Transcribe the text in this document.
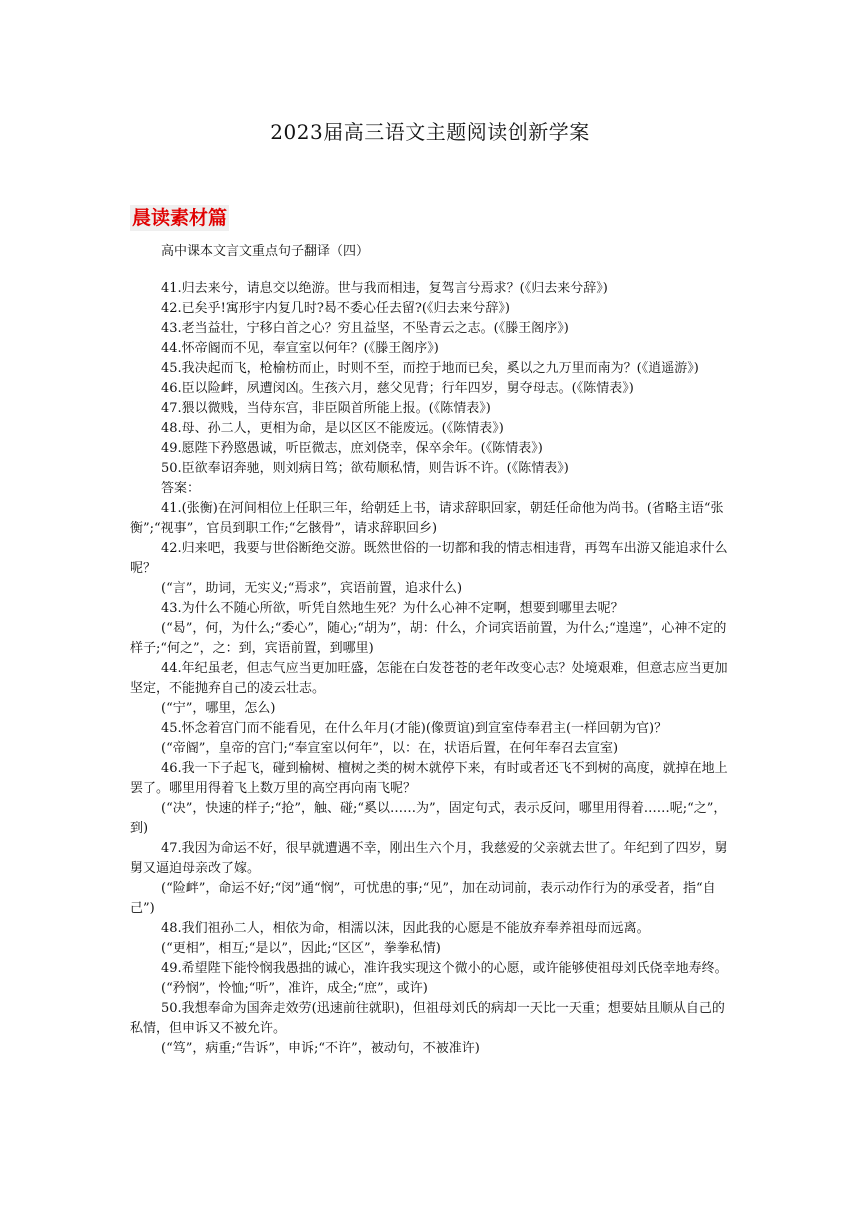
2023届高三语文主题阅读创新学案
晨读素材篇
高中课本文言文重点句子翻译（四）

41.归去来兮，请息交以绝游。世与我而相违，复驾言兮焉求？(《归去来兮辞》)

42.已矣乎!寓形宇内复几时?曷不委心任去留?(《归去来兮辞》)

43.老当益壮，宁移白首之心？穷且益坚，不坠青云之志。(《滕王阁序》)

44.怀帝阍而不见，奉宣室以何年？(《滕王阁序》)

45.我决起而飞，枪榆枋而止，时则不至，而控于地而已矣，奚以之九万里而南为？(《逍遥游》)

46.臣以险衅，夙遭闵凶。生孩六月，慈父见背；行年四岁，舅夺母志。(《陈情表》)

47.猥以微贱，当侍东宫，非臣陨首所能上报。(《陈情表》)

48.母、孙二人，更相为命，是以区区不能废远。(《陈情表》)

49.愿陛下矜愍愚诚，听臣微志，庶刘侥幸，保卒余年。(《陈情表》)

50.臣欲奉诏奔驰，则刘病日笃；欲苟顺私情，则告诉不许。(《陈情表》)

答案：

41.(张衡)在河间相位上任职三年，给朝廷上书，请求辞职回家，朝廷任命他为尚书。(省略主语“张衡”;“视事”，官员到职工作;“乞骸骨”，请求辞职回乡)

42.归来吧，我要与世俗断绝交游。既然世俗的一切都和我的情志相违背，再驾车出游又能追求什么呢？

(“言”，助词，无实义;“焉求”，宾语前置，追求什么)

43.为什么不随心所欲，听凭自然地生死？为什么心神不定啊，想要到哪里去呢？

(“曷”，何，为什么;“委心”，随心;“胡为”，胡：什么，介词宾语前置，为什么;“遑遑”，心神不定的样子;“何之”，之：到，宾语前置，到哪里)

44.年纪虽老，但志气应当更加旺盛，怎能在白发苍苍的老年改变心志？处境艰难，但意志应当更加坚定，不能抛弃自己的凌云壮志。

(“宁”，哪里，怎么)

45.怀念着宫门而不能看见，在什么年月(才能)(像贾谊)到宣室侍奉君主(一样回朝为官)？

(“帝阍”，皇帝的宫门;“奉宣室以何年”，以：在，状语后置，在何年奉召去宣室)

46.我一下子起飞，碰到榆树、檀树之类的树木就停下来，有时或者还飞不到树的高度，就掉在地上罢了。哪里用得着飞上数万里的高空再向南飞呢？

(“决”，快速的样子;“抢”，触、碰;“奚以……为”，固定句式，表示反问，哪里用得着……呢;“之”，到)

47.我因为命运不好，很早就遭遇不幸，刚出生六个月，我慈爱的父亲就去世了。年纪到了四岁，舅舅又逼迫母亲改了嫁。

(“险衅”，命运不好;“闵”通“悯”，可忧患的事;“见”，加在动词前，表示动作行为的承受者，指“自己”)

48.我们祖孙二人，相依为命，相濡以沫，因此我的心愿是不能放弃奉养祖母而远离。

(“更相”，相互;“是以”，因此;“区区”，拳拳私情)

49.希望陛下能怜悯我愚拙的诚心，准许我实现这个微小的心愿，或许能够使祖母刘氏侥幸地寿终。

(“矜悯”，怜恤;“听”，准许，成全;“庶”，或许)

50.我想奉命为国奔走效劳(迅速前往就职)，但祖母刘氏的病却一天比一天重；想要姑且顺从自己的私情，但申诉又不被允许。

(“笃”，病重;“告诉”，申诉;“不许”，被动句，不被准许)
